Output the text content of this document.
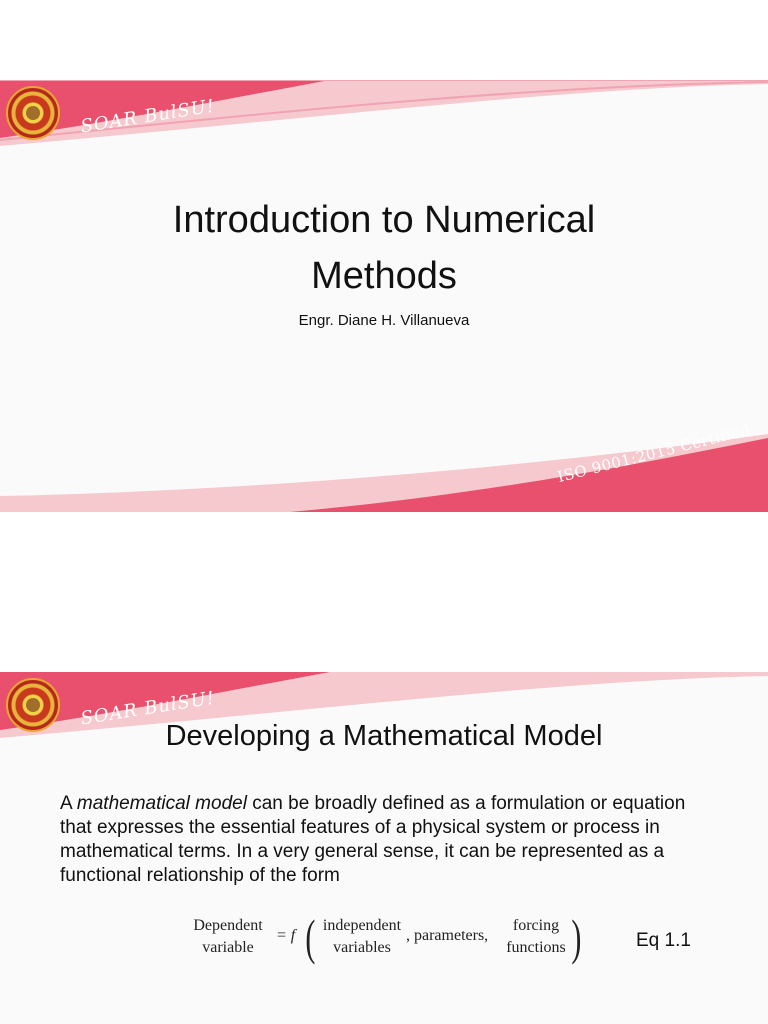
SOAR BulSU!
Introduction to Numerical
Methods
Engr. Diane H. Villanueva
ISO 9001:2015 Certified
SOAR BulSU!
Developing a Mathematical Model

A mathematical model can be broadly defined as a formulation or equation that expresses the essential features of a physical system or process in mathematical terms. In a very general sense, it can be represented as a functional relationship of the form

Dependent
variable
= f ( independent
variables
, parameters,
forcing
functions )	Eq 1.1
